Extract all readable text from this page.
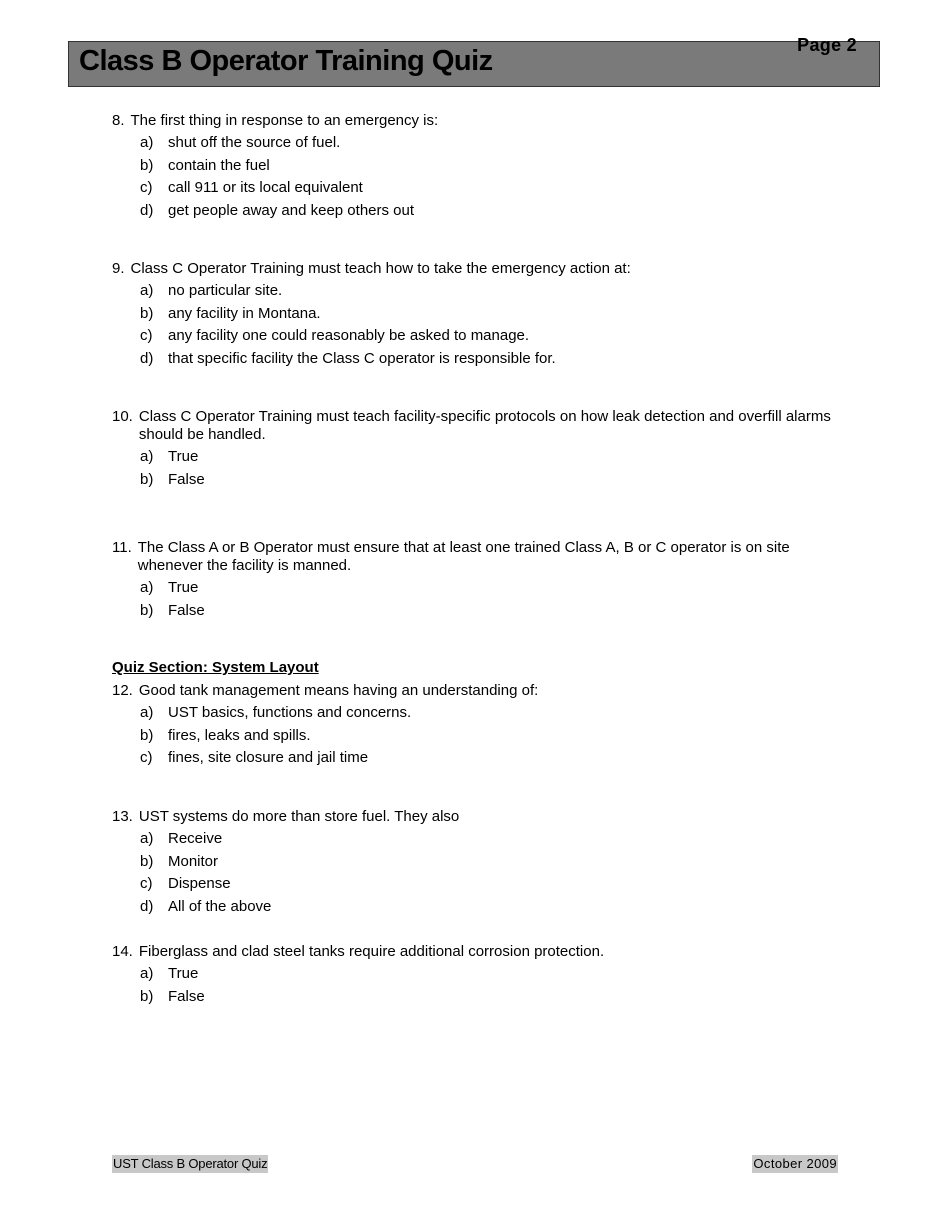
Class B Operator Training Quiz	Page 2
8. The first thing in response to an emergency is:
a) shut off the source of fuel.
b) contain the fuel
c)	call 911 or its local equivalent
d) get people away and keep others out
9. Class C Operator Training must teach how to take the emergency action at:
a) no particular site.
b) any facility in Montana.
c)	any facility one could reasonably be asked to manage.
d) that specific facility the Class C operator is responsible for.
10. Class C Operator Training must teach facility-specific protocols on how leak detection and overfill alarms should be handled.
a) True
b) False
11. The Class A or B Operator must ensure that at least one trained Class A, B or C operator is on site whenever the facility is manned.
a) True
b) False
Quiz Section: System Layout
12. Good tank management means having an understanding of:
a) UST basics, functions and concerns.
b) fires, leaks and spills.
c)	fines, site closure and jail time
13. UST systems do more than store fuel. They also
a) Receive
b) Monitor
c)	Dispense
d) All of the above
14. Fiberglass and clad steel tanks require additional corrosion protection.
a) True
b) False
UST Class B Operator Quiz	October 2009
